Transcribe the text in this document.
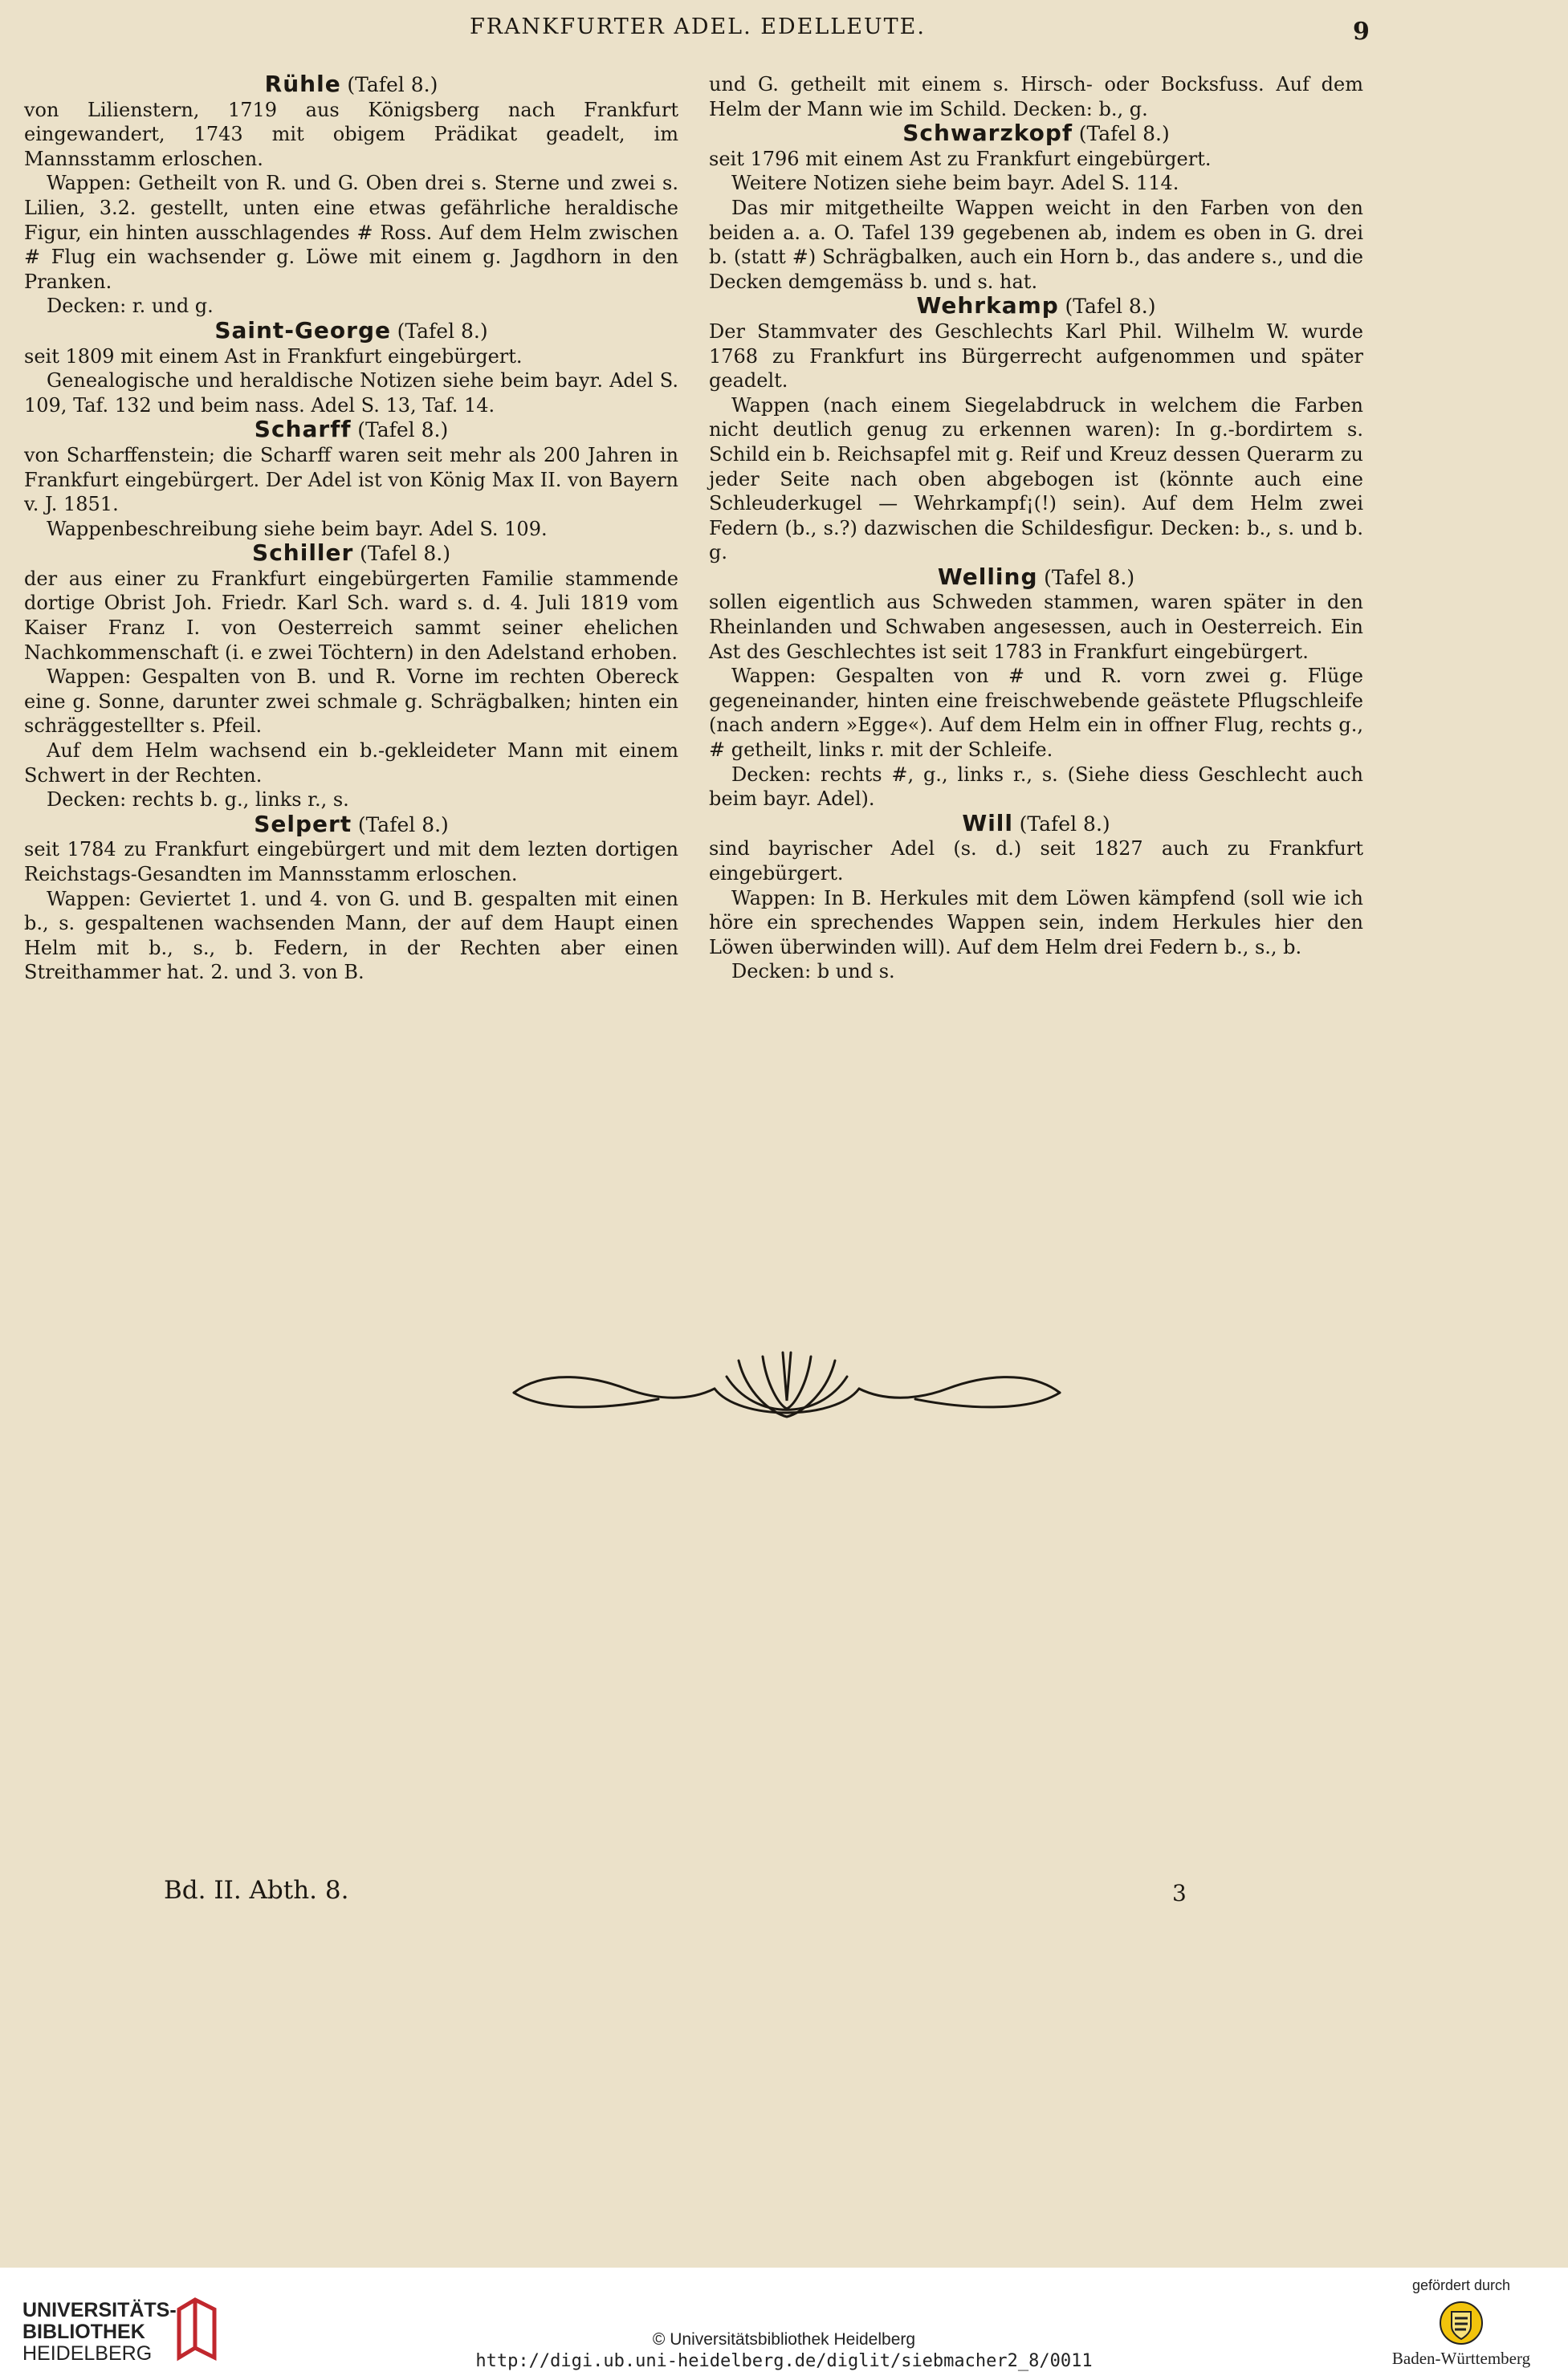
FRANKFURTER ADEL. EDELLEUTE.	9
Rühle (Tafel 8.)

von Lilienstern, 1719 aus Königsberg nach Frankfurt eingewandert, 1743 mit obigem Prädikat geadelt, im Mannsstamm erloschen.

Wappen: Getheilt von R. und G. Oben drei s. Sterne und zwei s. Lilien, 3.2. gestellt, unten eine etwas gefährliche heraldische Figur, ein hinten ausschlagendes # Ross. Auf dem Helm zwischen # Flug ein wachsender g. Löwe mit einem g. Jagdhorn in den Pranken.

Decken: r. und g.

Saint-George (Tafel 8.)

seit 1809 mit einem Ast in Frankfurt eingebürgert.

Genealogische und heraldische Notizen siehe beim bayr. Adel S. 109, Taf. 132 und beim nass. Adel S. 13, Taf. 14.

Scharff (Tafel 8.)

von Scharffenstein; die Scharff waren seit mehr als 200 Jahren in Frankfurt eingebürgert. Der Adel ist von König Max II. von Bayern v. J. 1851.

Wappenbeschreibung siehe beim bayr. Adel S. 109.

Schiller (Tafel 8.)

der aus einer zu Frankfurt eingebürgerten Familie stammende dortige Obrist Joh. Friedr. Karl Sch. ward s. d. 4. Juli 1819 vom Kaiser Franz I. von Oesterreich sammt seiner ehelichen Nachkommenschaft (i. e zwei Töchtern) in den Adelstand erhoben.

Wappen: Gespalten von B. und R. Vorne im rechten Obereck eine g. Sonne, darunter zwei schmale g. Schrägbalken; hinten ein schräggestellter s. Pfeil.

Auf dem Helm wachsend ein b.-gekleideter Mann mit einem Schwert in der Rechten.

Decken: rechts b. g., links r., s.

Selpert (Tafel 8.)

seit 1784 zu Frankfurt eingebürgert und mit dem lezten dortigen Reichstags-Gesandten im Mannsstamm erloschen.

Wappen: Geviertet 1. und 4. von G. und B. gespalten mit einen b., s. gespaltenen wachsenden Mann, der auf dem Haupt einen Helm mit b., s., b. Federn, in der Rechten aber einen Streithammer hat. 2. und 3. von B.

und G. getheilt mit einem s. Hirsch- oder Bocksfuss. Auf dem Helm der Mann wie im Schild. Decken: b., g.

Schwarzkopf (Tafel 8.)

seit 1796 mit einem Ast zu Frankfurt eingebürgert.

Weitere Notizen siehe beim bayr. Adel S. 114.

Das mir mitgetheilte Wappen weicht in den Farben von den beiden a. a. O. Tafel 139 gegebenen ab, indem es oben in G. drei b. (statt #) Schrägbalken, auch ein Horn b., das andere s., und die Decken demgemäss b. und s. hat.

Wehrkamp (Tafel 8.)

Der Stammvater des Geschlechts Karl Phil. Wilhelm W. wurde 1768 zu Frankfurt ins Bürgerrecht aufgenommen und später geadelt.

Wappen (nach einem Siegelabdruck in welchem die Farben nicht deutlich genug zu erkennen waren): In g.-bordirtem s. Schild ein b. Reichsapfel mit g. Reif und Kreuz dessen Querarm zu jeder Seite nach oben abgebogen ist (könnte auch eine Schleuderkugel — Wehrkampf¡(!) sein). Auf dem Helm zwei Federn (b., s.?) dazwischen die Schildesfigur. Decken: b., s. und b. g.

Welling (Tafel 8.)

sollen eigentlich aus Schweden stammen, waren später in den Rheinlanden und Schwaben angesessen, auch in Oesterreich. Ein Ast des Geschlechtes ist seit 1783 in Frankfurt eingebürgert.

Wappen: Gespalten von # und R. vorn zwei g. Flüge gegeneinander, hinten eine freischwebende geästete Pflugschleife (nach andern »Egge«). Auf dem Helm ein in offner Flug, rechts g., # getheilt, links r. mit der Schleife.

Decken: rechts #, g., links r., s. (Siehe diess Geschlecht auch beim bayr. Adel).

Will (Tafel 8.)

sind bayrischer Adel (s. d.) seit 1827 auch zu Frankfurt eingebürgert.

Wappen: In B. Herkules mit dem Löwen kämpfend (soll wie ich höre ein sprechendes Wappen sein, indem Herkules hier den Löwen überwinden will). Auf dem Helm drei Federn b., s., b.

Decken: b und s.

Bd. II. Abth. 8.	3
UNIVERSITÄTS-
BIBLIOTHEK
HEIDELBERG
© Universitätsbibliothek Heidelberg
http://digi.ub.uni-heidelberg.de/diglit/siebmacher2_8/0011
gefördert durch
Baden-Württemberg
